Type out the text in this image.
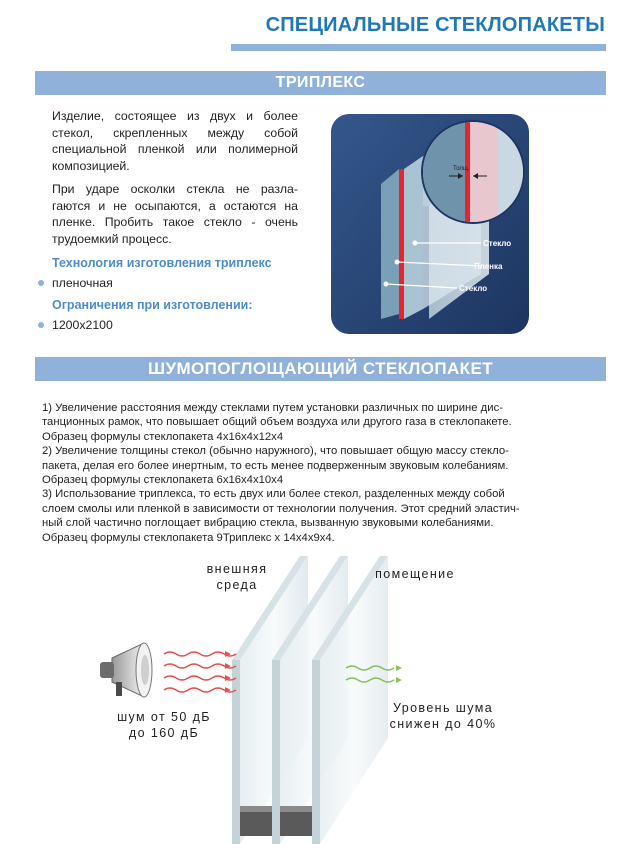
СПЕЦИАЛЬНЫЕ СТЕКЛОПАКЕТЫ
ТРИПЛЕКС

Изделие, состоящее из двух и более стекол, скрепленных между собой специальной пленкой или полимерной композицией.

При ударе осколки стекла не разла- гаются и не осыпаются, а остаются на пленке. Пробить такое стекло - очень трудоемкий процесс.

Технология изготовления триплекс
пленочная
Ограничения при изготовлении:
1200x2100
Толщ.
Стекло
Пленка
Стекло
ШУМОПОГЛОЩАЮЩИЙ СТЕКЛОПАКЕТ

1) Увеличение расстояния между стеклами путем установки различных по ширине дис-

танционных рамок, что повышает общий объем воздуха или другого газа в стеклопакете.

Образец формулы стеклопакета 4х16х4х12х4

2) Увеличение толщины стекол (обычно наружного), что повышает общую массу стекло-

пакета, делая его более инертным, то есть менее подверженным звуковым колебаниям.

Образец формулы стеклопакета 6х16х4х10х4

3) Использование триплекса, то есть двух или более стекол, разделенных между собой

слоем смолы или пленкой в зависимости от технологии получения. Этот средний эластич-

ный слой частично поглощает вибрацию стекла, вызванную звуковыми колебаниями.

Образец формулы стеклопакета 9Триплекс х 14х4х9х4.

внешняя
среда
помещение
шум от 50 дБ
до 160 дБ
Уровень шума
снижен до 40%
